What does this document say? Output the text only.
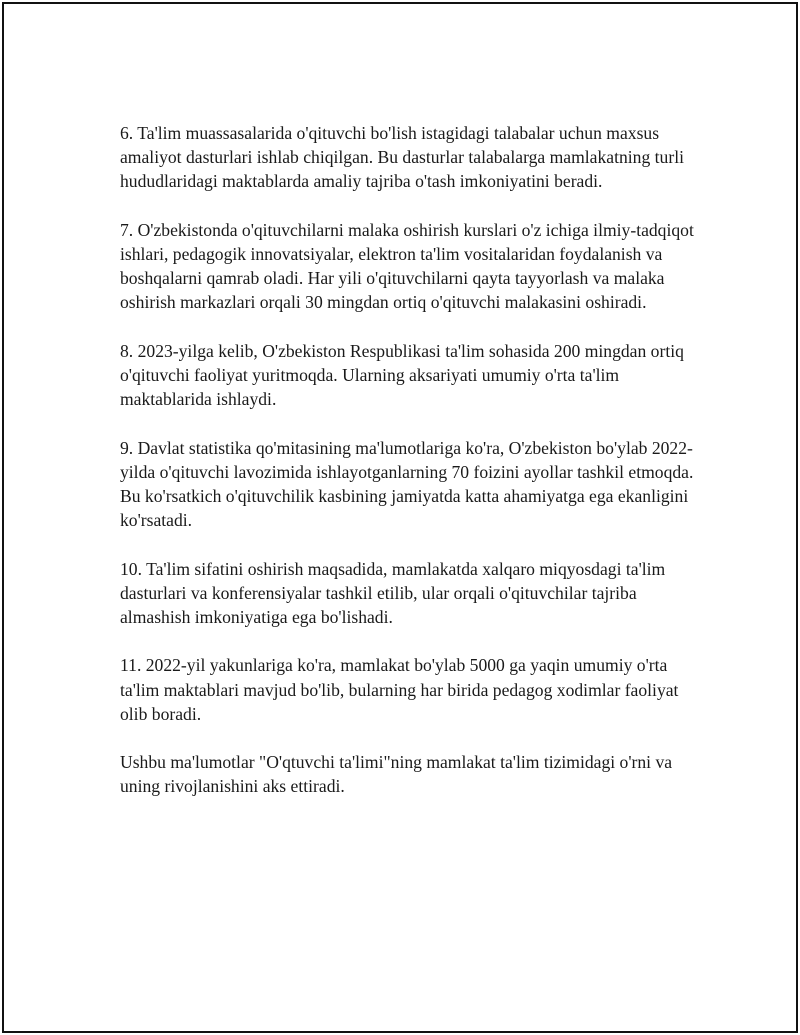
6. Ta'lim muassasalarida o'qituvchi bo'lish istagidagi talabalar uchun maxsus amaliyot dasturlari ishlab chiqilgan. Bu dasturlar talabalarga mamlakatning turli hududlaridagi maktablarda amaliy tajriba o'tash imkoniyatini beradi.

7. O'zbekistonda o'qituvchilarni malaka oshirish kurslari o'z ichiga ilmiy-tadqiqot ishlari, pedagogik innovatsiyalar, elektron ta'lim vositalaridan foydalanish va boshqalarni qamrab oladi. Har yili o'qituvchilarni qayta tayyorlash va malaka oshirish markazlari orqali 30 mingdan ortiq o'qituvchi malakasini oshiradi.

8. 2023-yilga kelib, O'zbekiston Respublikasi ta'lim sohasida 200 mingdan ortiq o'qituvchi faoliyat yuritmoqda. Ularning aksariyati umumiy o'rta ta'lim maktablarida ishlaydi.

9. Davlat statistika qo'mitasining ma'lumotlariga ko'ra, O'zbekiston bo'ylab 2022-yilda o'qituvchi lavozimida ishlayotganlarning 70 foizini ayollar tashkil etmoqda. Bu ko'rsatkich o'qituvchilik kasbining jamiyatda katta ahamiyatga ega ekanligini ko'rsatadi.

10. Ta'lim sifatini oshirish maqsadida, mamlakatda xalqaro miqyosdagi ta'lim dasturlari va konferensiyalar tashkil etilib, ular orqali o'qituvchilar tajriba almashish imkoniyatiga ega bo'lishadi.

11. 2022-yil yakunlariga ko'ra, mamlakat bo'ylab 5000 ga yaqin umumiy o'rta ta'lim maktablari mavjud bo'lib, bularning har birida pedagog xodimlar faoliyat olib boradi.

Ushbu ma'lumotlar "O'qtuvchi ta'limi"ning mamlakat ta'lim tizimidagi o'rni va uning rivojlanishini aks ettiradi.
